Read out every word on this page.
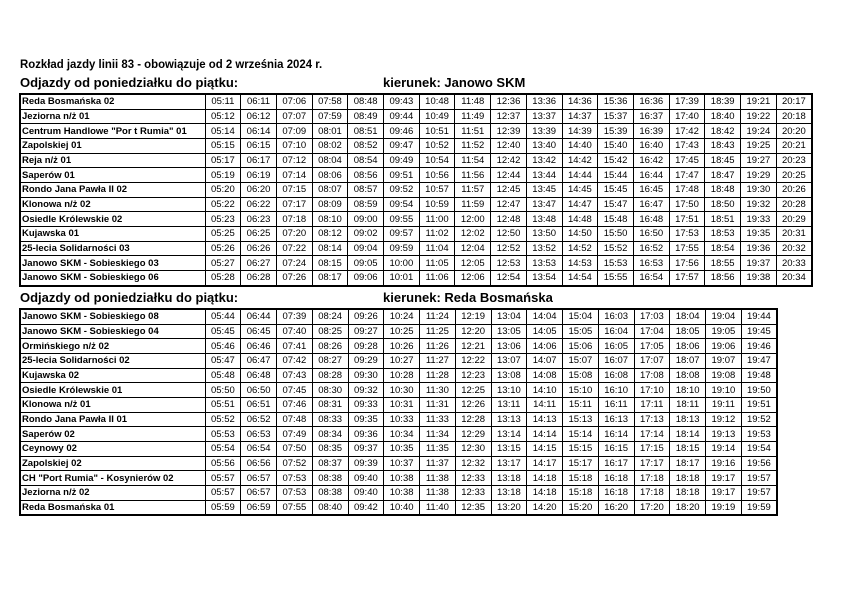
Rozkład jazdy linii 83 - obowiązuje od 2 września 2024 r.
Odjazdy od poniedziałku do piątku:	kierunek: Janowo SKM
Reda Bosmańska 02	05:11	06:11	07:06	07:58	08:48	09:43	10:48	11:48	12:36	13:36	14:36	15:36	16:36	17:39	18:39	19:21	20:17
Jeziorna n/ż 01	05:12	06:12	07:07	07:59	08:49	09:44	10:49	11:49	12:37	13:37	14:37	15:37	16:37	17:40	18:40	19:22	20:18
Centrum Handlowe "Por t Rumia" 01	05:14	06:14	07:09	08:01	08:51	09:46	10:51	11:51	12:39	13:39	14:39	15:39	16:39	17:42	18:42	19:24	20:20
Zapolskiej 01	05:15	06:15	07:10	08:02	08:52	09:47	10:52	11:52	12:40	13:40	14:40	15:40	16:40	17:43	18:43	19:25	20:21
Reja n/ż 01	05:17	06:17	07:12	08:04	08:54	09:49	10:54	11:54	12:42	13:42	14:42	15:42	16:42	17:45	18:45	19:27	20:23
Saperów 01	05:19	06:19	07:14	08:06	08:56	09:51	10:56	11:56	12:44	13:44	14:44	15:44	16:44	17:47	18:47	19:29	20:25
Rondo Jana Pawła II 02	05:20	06:20	07:15	08:07	08:57	09:52	10:57	11:57	12:45	13:45	14:45	15:45	16:45	17:48	18:48	19:30	20:26
Klonowa n/ż 02	05:22	06:22	07:17	08:09	08:59	09:54	10:59	11:59	12:47	13:47	14:47	15:47	16:47	17:50	18:50	19:32	20:28
Osiedle Królewskie 02	05:23	06:23	07:18	08:10	09:00	09:55	11:00	12:00	12:48	13:48	14:48	15:48	16:48	17:51	18:51	19:33	20:29
Kujawska 01	05:25	06:25	07:20	08:12	09:02	09:57	11:02	12:02	12:50	13:50	14:50	15:50	16:50	17:53	18:53	19:35	20:31
25-lecia Solidarności 03	05:26	06:26	07:22	08:14	09:04	09:59	11:04	12:04	12:52	13:52	14:52	15:52	16:52	17:55	18:54	19:36	20:32
Janowo SKM - Sobieskiego 03	05:27	06:27	07:24	08:15	09:05	10:00	11:05	12:05	12:53	13:53	14:53	15:53	16:53	17:56	18:55	19:37	20:33
Janowo SKM - Sobieskiego 06	05:28	06:28	07:26	08:17	09:06	10:01	11:06	12:06	12:54	13:54	14:54	15:55	16:54	17:57	18:56	19:38	20:34
Odjazdy od poniedziałku do piątku:	kierunek: Reda Bosmańska
Janowo SKM - Sobieskiego 08	05:44	06:44	07:39	08:24	09:26	10:24	11:24	12:19	13:04	14:04	15:04	16:03	17:03	18:04	19:04	19:44
Janowo SKM - Sobieskiego 04	05:45	06:45	07:40	08:25	09:27	10:25	11:25	12:20	13:05	14:05	15:05	16:04	17:04	18:05	19:05	19:45
Ormińskiego n/ż 02	05:46	06:46	07:41	08:26	09:28	10:26	11:26	12:21	13:06	14:06	15:06	16:05	17:05	18:06	19:06	19:46
25-lecia Solidarności 02	05:47	06:47	07:42	08:27	09:29	10:27	11:27	12:22	13:07	14:07	15:07	16:07	17:07	18:07	19:07	19:47
Kujawska 02	05:48	06:48	07:43	08:28	09:30	10:28	11:28	12:23	13:08	14:08	15:08	16:08	17:08	18:08	19:08	19:48
Osiedle Królewskie 01	05:50	06:50	07:45	08:30	09:32	10:30	11:30	12:25	13:10	14:10	15:10	16:10	17:10	18:10	19:10	19:50
Klonowa n/ż 01	05:51	06:51	07:46	08:31	09:33	10:31	11:31	12:26	13:11	14:11	15:11	16:11	17:11	18:11	19:11	19:51
Rondo Jana Pawła II 01	05:52	06:52	07:48	08:33	09:35	10:33	11:33	12:28	13:13	14:13	15:13	16:13	17:13	18:13	19:12	19:52
Saperów 02	05:53	06:53	07:49	08:34	09:36	10:34	11:34	12:29	13:14	14:14	15:14	16:14	17:14	18:14	19:13	19:53
Ceynowy 02	05:54	06:54	07:50	08:35	09:37	10:35	11:35	12:30	13:15	14:15	15:15	16:15	17:15	18:15	19:14	19:54
Zapolskiej 02	05:56	06:56	07:52	08:37	09:39	10:37	11:37	12:32	13:17	14:17	15:17	16:17	17:17	18:17	19:16	19:56
CH "Port Rumia" - Kosynierów 02	05:57	06:57	07:53	08:38	09:40	10:38	11:38	12:33	13:18	14:18	15:18	16:18	17:18	18:18	19:17	19:57
Jeziorna n/ż 02	05:57	06:57	07:53	08:38	09:40	10:38	11:38	12:33	13:18	14:18	15:18	16:18	17:18	18:18	19:17	19:57
Reda Bosmańska 01	05:59	06:59	07:55	08:40	09:42	10:40	11:40	12:35	13:20	14:20	15:20	16:20	17:20	18:20	19:19	19:59
